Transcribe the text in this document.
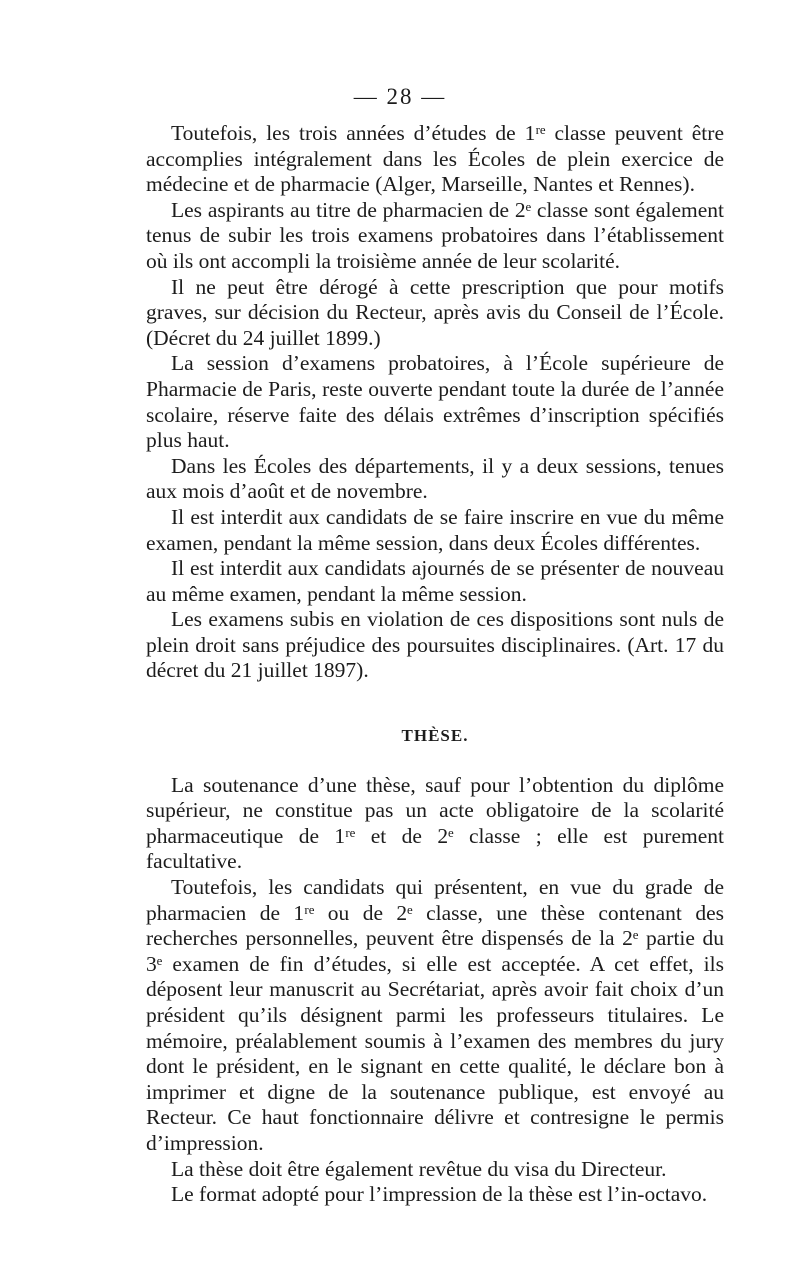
— 28 —

Toutefois, les trois années d’études de 1ʳᵉ classe peuvent être accomplies intégralement dans les Écoles de plein exercice de médecine et de pharmacie (Alger, Marseille, Nantes et Rennes).

Les aspirants au titre de pharmacien de 2ᵉ classe sont également tenus de subir les trois examens probatoires dans l’établissement où ils ont accompli la troisième année de leur scolarité.

Il ne peut être dérogé à cette prescription que pour motifs graves, sur décision du Recteur, après avis du Conseil de l’École. (Décret du 24 juillet 1899.)

La session d’examens probatoires, à l’École supérieure de Pharmacie de Paris, reste ouverte pendant toute la durée de l’année scolaire, réserve faite des délais extrêmes d’inscription spécifiés plus haut.

Dans les Écoles des départements, il y a deux sessions, tenues aux mois d’août et de novembre.

Il est interdit aux candidats de se faire inscrire en vue du même examen, pendant la même session, dans deux Écoles différentes.

Il est interdit aux candidats ajournés de se présenter de nouveau au même examen, pendant la même session.

Les examens subis en violation de ces dispositions sont nuls de plein droit sans préjudice des poursuites disciplinaires. (Art. 17 du décret du 21 juillet 1897).

THÈSE.

La soutenance d’une thèse, sauf pour l’obtention du diplôme supérieur, ne constitue pas un acte obligatoire de la scolarité pharmaceutique de 1ʳᵉ et de 2ᵉ classe ; elle est purement facultative.

Toutefois, les candidats qui présentent, en vue du grade de pharmacien de 1ʳᵉ ou de 2ᵉ classe, une thèse contenant des recherches personnelles, peuvent être dispensés de la 2ᵉ partie du 3ᵉ examen de fin d’études, si elle est acceptée. A cet effet, ils déposent leur manuscrit au Secrétariat, après avoir fait choix d’un président qu’ils désignent parmi les professeurs titulaires. Le mémoire, préalablement soumis à l’examen des membres du jury dont le président, en le signant en cette qualité, le déclare bon à imprimer et digne de la soutenance publique, est envoyé au Recteur. Ce haut fonctionnaire délivre et contresigne le permis d’impression.

La thèse doit être également revêtue du visa du Directeur.

Le format adopté pour l’impression de la thèse est l’in-octavo.
